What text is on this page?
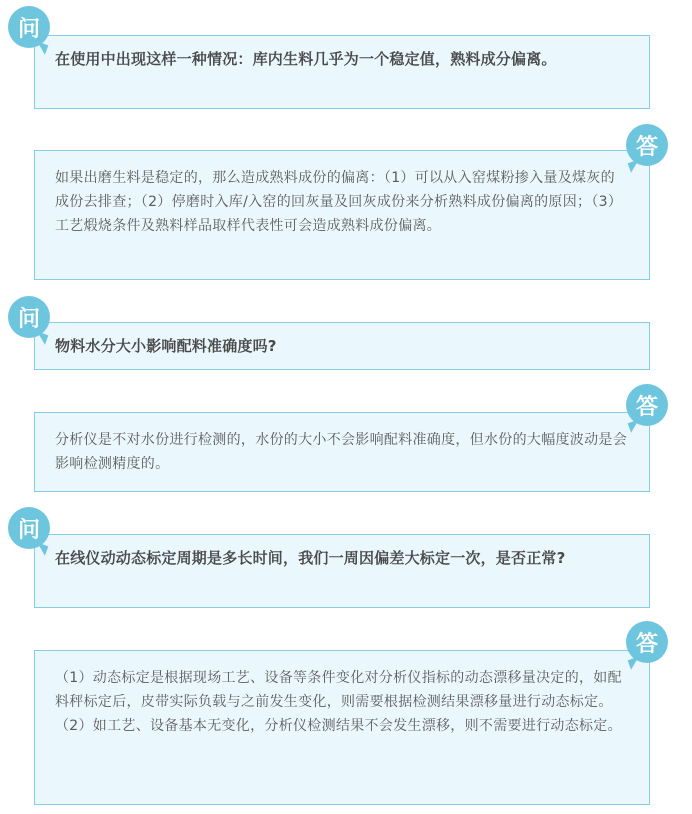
在使用中出现这样一种情况：库内生料几乎为一个稳定值，熟料成分偏离。

问

如果出磨生料是稳定的，那么造成熟料成份的偏离：（1）可以从入窑煤粉掺入量及煤灰的成份去排查；（2）停磨时入库/入窑的回灰量及回灰成份来分析熟料成份偏离的原因；（3）工艺煅烧条件及熟料样品取样代表性可会造成熟料成份偏离。

答

物料水分大小影响配料准确度吗?

问

分析仪是不对水份进行检测的，水份的大小不会影响配料准确度，但水份的大幅度波动是会影响检测精度的。

答

在线仪动动态标定周期是多长时间，我们一周因偏差大标定一次，是否正常?

问

（1）动态标定是根据现场工艺、设备等条件变化对分析仪指标的动态漂移量决定的，如配料秤标定后，皮带实际负载与之前发生变化，则需要根据检测结果漂移量进行动态标定。

（2）如工艺、设备基本无变化，分析仪检测结果不会发生漂移，则不需要进行动态标定。

答
